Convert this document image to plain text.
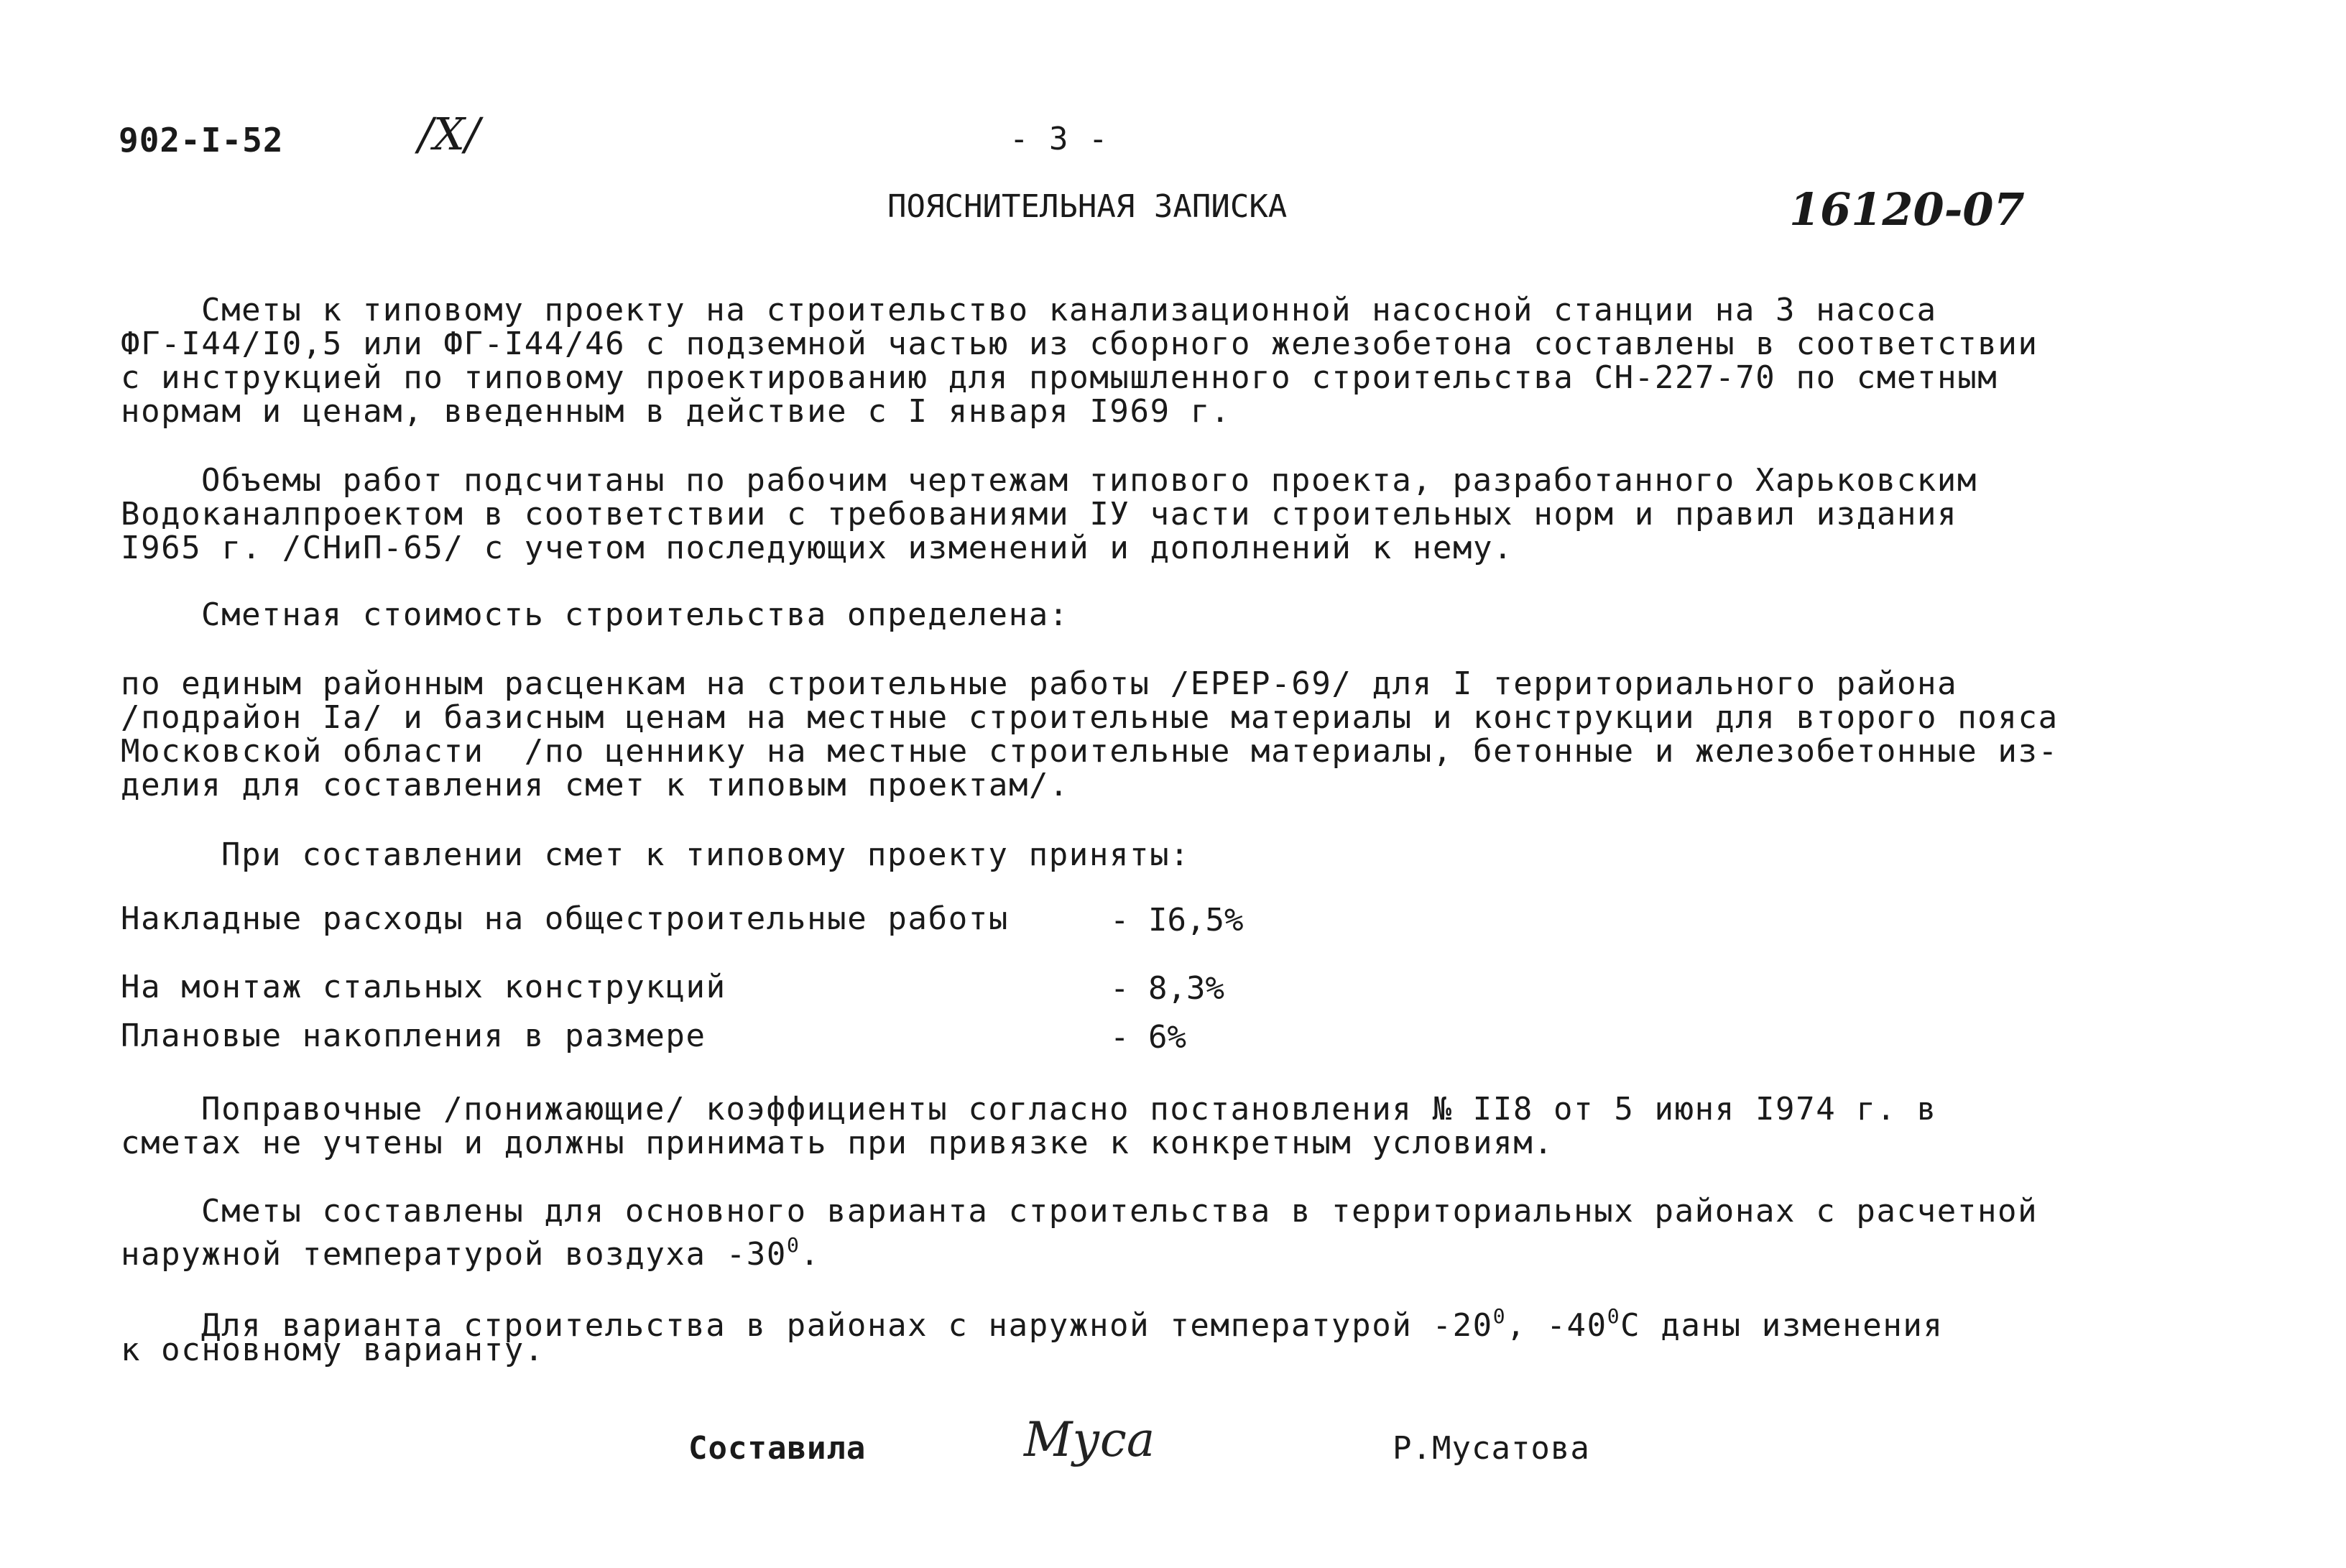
902-I-52	/X/	- 3 -
ПОЯСНИТЕЛЬНАЯ ЗАПИСКА	16120-07
Сметы к типовому проекту на строительство канализационной насосной станции на 3 насоса
ФГ-I44/I0,5 или ФГ-I44/46 с подземной частью из сборного железобетона составлены в соответствии
с инструкцией по типовому проектированию для промышленного строительства СН-227-70 по сметным
нормам и ценам, введенным в действие с I января I969 г.
Объемы работ подсчитаны по рабочим чертежам типового проекта, разработанного Харьковским
Водоканалпроектом в соответствии с требованиями IУ части строительных норм и правил издания
I965 г. /СНиП-65/ с учетом последующих изменений и дополнений к нему.
Сметная стоимость строительства определена:
по единым районным расценкам на строительные работы /ЕРЕР-69/ для I территориального района
/подрайон Iа/ и базисным ценам на местные строительные материалы и конструкции для второго пояса
Московской области  /по ценнику на местные строительные материалы, бетонные и железобетонные из-
делия для составления смет к типовым проектам/.
При составлении смет к типовому проекту приняты:
Накладные расходы на общестроительные работы	- I6,5%
На монтаж стальных конструкций	- 8,3%
Плановые накопления в размере	- 6%
Поправочные /понижающие/ коэффициенты согласно постановления № II8 от 5 июня I974 г. в
сметах не учтены и должны принимать при привязке к конкретным условиям.
Сметы составлены для основного варианта строительства в территориальных районах с расчетной
наружной температурой воздуха $-30^0$.
Для варианта строительства в районах с наружной температурой $-20^0$, $-40^0С$ даны изменения
к основному варианту.
Составила	Муса	Р.Мусатова
